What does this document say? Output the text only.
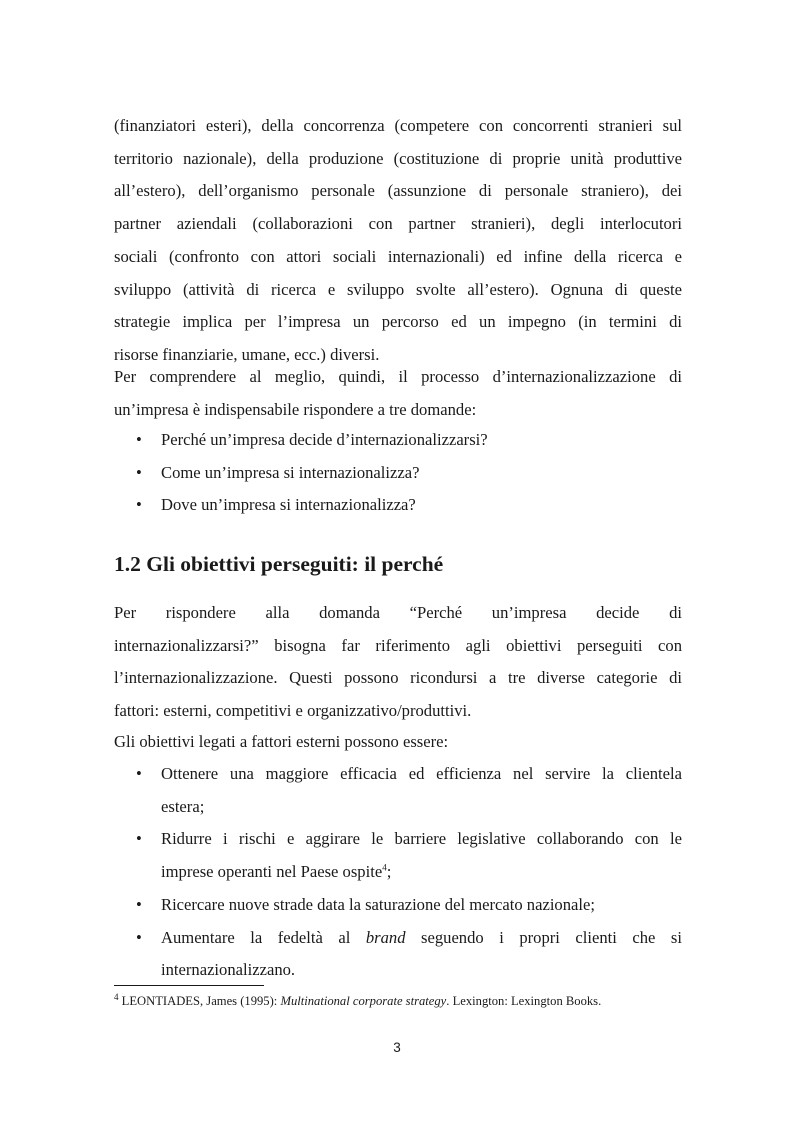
(finanziatori esteri), della concorrenza (competere con concorrenti stranieri sul
territorio nazionale), della produzione (costituzione di proprie unità produttive
all’estero), dell’organismo personale (assunzione di personale straniero), dei
partner aziendali (collaborazioni con partner stranieri), degli interlocutori
sociali (confronto con attori sociali internazionali) ed infine della ricerca e
sviluppo (attività di ricerca e sviluppo svolte all’estero). Ognuna di queste
strategie implica per l’impresa un percorso ed un impegno (in termini di
risorse finanziarie, umane, ecc.) diversi.
Per comprendere al meglio, quindi, il processo d’internazionalizzazione di
un’impresa è indispensabile rispondere a tre domande:
• Perché un’impresa decide d’internazionalizzarsi?
• Come un’impresa si internazionalizza?
• Dove un’impresa si internazionalizza?
1.2 Gli obiettivi perseguiti: il perché
Per rispondere alla domanda “Perché un’impresa decide di
internazionalizzarsi?” bisogna far riferimento agli obiettivi perseguiti con
l’internazionalizzazione. Questi possono ricondursi a tre diverse categorie di
fattori: esterni, competitivi e organizzativo/produttivi.
Gli obiettivi legati a fattori esterni possono essere:
• Ottenere una maggiore efficacia ed efficienza nel servire la clientela
estera;
• Ridurre i rischi e aggirare le barriere legislative collaborando con le
imprese operanti nel Paese ospite$^4$;
• Ricercare nuove strade data la saturazione del mercato nazionale;
• Aumentare la fedeltà al brand seguendo i propri clienti che si
internazionalizzano.
$^4$ LEONTIADES, James (1995): Multinational corporate strategy. Lexington: Lexington Books.
3
